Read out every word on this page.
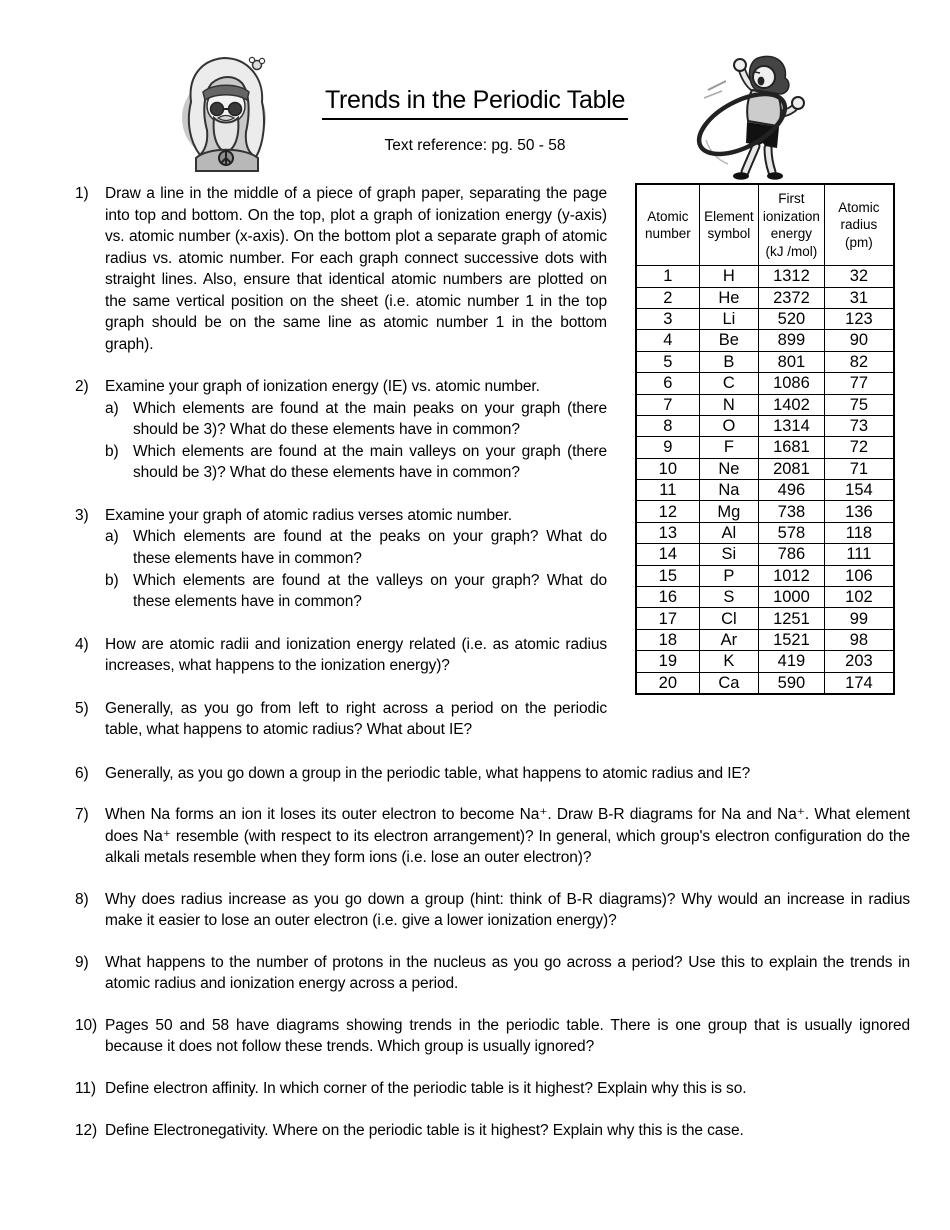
Trends in the Periodic Table
Text reference: pg. 50 - 58
1)	Draw a line in the middle of a piece of graph paper, separating the page into top and bottom. On the top, plot a graph of ionization energy (y-axis) vs. atomic number (x-axis). On the bottom plot a separate graph of atomic radius vs. atomic number. For each graph connect successive dots with straight lines. Also, ensure that identical atomic numbers are plotted on the same vertical position on the sheet (i.e. atomic number 1 in the top graph should be on the same line as atomic number 1 in the bottom graph).
2)	Examine your graph of ionization energy (IE) vs. atomic number.
a) Which elements are found at the main peaks on your graph (there should be 3)? What do these elements have in common?
b) Which elements are found at the main valleys on your graph (there should be 3)? What do these elements have in common?
3)	Examine your graph of atomic radius verses atomic number.
a) Which elements are found at the peaks on your graph? What do these elements have in common?
b) Which elements are found at the valleys on your graph? What do these elements have in common?
4)	How are atomic radii and ionization energy related (i.e. as atomic radius increases, what happens to the ionization energy)?
5)	Generally, as you go from left to right across a period on the periodic table, what happens to atomic radius? What about IE?
Atomic number	Element symbol	First ionization energy (kJ /mol)	Atomic radius (pm)
1	H	1312	32
2	He	2372	31
3	Li	520	123
4	Be	899	90
5	B	801	82
6	C	1086	77
7	N	1402	75
8	O	1314	73
9	F	1681	72
10	Ne	2081	71
11	Na	496	154
12	Mg	738	136
13	Al	578	118
14	Si	786	111
15	P	1012	106
16	S	1000	102
17	Cl	1251	99
18	Ar	1521	98
19	K	419	203
20	Ca	590	174
6)	Generally, as you go down a group in the periodic table, what happens to atomic radius and IE?
7)	When Na forms an ion it loses its outer electron to become Na⁺. Draw B-R diagrams for Na and Na⁺. What element does Na⁺ resemble (with respect to its electron arrangement)? In general, which group's electron configuration do the alkali metals resemble when they form ions (i.e. lose an outer electron)?
8)	Why does radius increase as you go down a group (hint: think of B-R diagrams)? Why would an increase in radius make it easier to lose an outer electron (i.e. give a lower ionization energy)?
9)	What happens to the number of protons in the nucleus as you go across a period? Use this to explain the trends in atomic radius and ionization energy across a period.
10) Pages 50 and 58 have diagrams showing trends in the periodic table. There is one group that is usually ignored because it does not follow these trends. Which group is usually ignored?
11) Define electron affinity. In which corner of the periodic table is it highest? Explain why this is so.
12) Define Electronegativity. Where on the periodic table is it highest? Explain why this is the case.
